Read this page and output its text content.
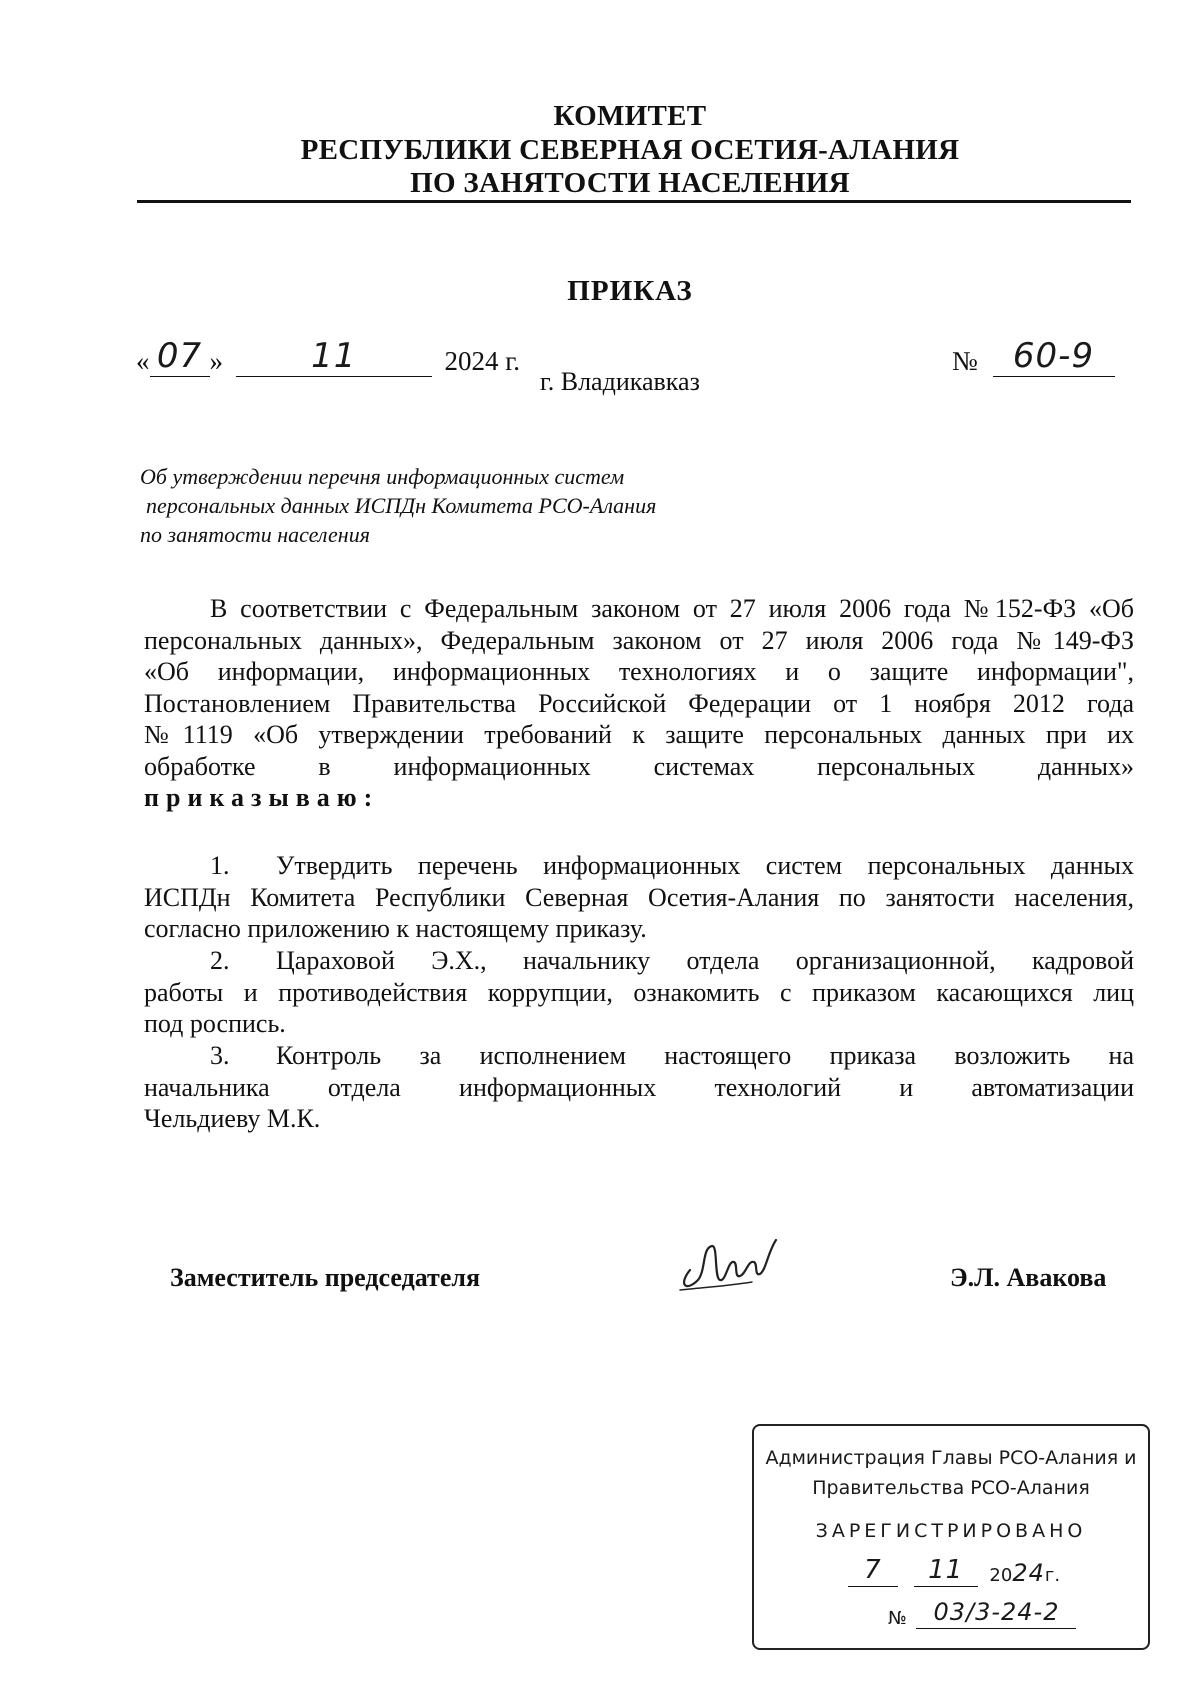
КОМИТЕТ
РЕСПУБЛИКИ СЕВЕРНАЯ ОСЕТИЯ-АЛАНИЯ
ПО ЗАНЯТОСТИ НАСЕЛЕНИЯ
ПРИКАЗ
« 07 »	11	2024 г.	№ 60-9
г. Владикавказ
Об утверждении перечня информационных систем
персональных данных ИСПДн Комитета РСО-Алания
по занятости населения
В соответствии с Федеральным законом от 27 июля 2006 года №152-ФЗ «Об
персональных данных», Федеральным законом от 27 июля 2006 года №149-ФЗ
«Об информации, информационных технологиях и о защите информации",
Постановлением Правительства Российской Федерации от 1 ноября 2012 года
№1119 «Об утверждении требований к защите персональных данных при их
обработке в информационных системах персональных данных»
приказываю:
1. Утвердить перечень информационных систем персональных данных
ИСПДн Комитета Республики Северная Осетия-Алания по занятости населения,
согласно приложению к настоящему приказу.
2. Цараховой Э.Х., начальнику отдела организационной, кадровой
работы и противодействия коррупции, ознакомить с приказом касающихся лиц
под роспись.
3. Контроль за исполнением настоящего приказа возложить на
начальника отдела информационных технологий и автоматизации
Чельдиеву М.К.
Заместитель председателя	Э.Л. Авакова
Администрация Главы РСО-Алания и
Правительства РСО-Алания
ЗАРЕГИСТРИРОВАНО
7 11 2024г.
№ 03/3-24-2
